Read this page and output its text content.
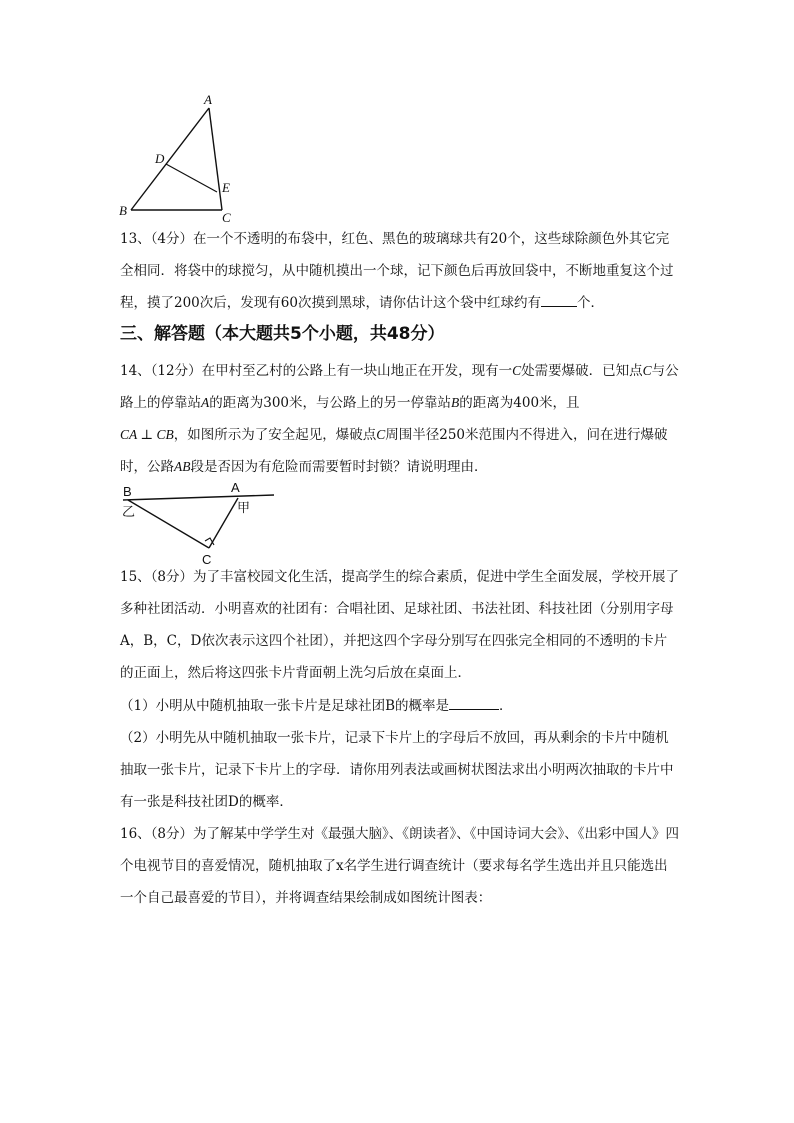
A
D
E
B	C
13、（4分）在一个不透明的布袋中，红色、黑色的玻璃球共有20个，这些球除颜色外其它完全相同．将袋中的球搅匀，从中随机摸出一个球，记下颜色后再放回袋中，不断地重复这个过程，摸了200次后，发现有60次摸到黑球，请你估计这个袋中红球约有	个．
三、解答题（本大题共5个小题，共48分）
14、（12分）在甲村至乙村的公路上有一块山地正在开发，现有一C处需要爆破．已知点C与公路上的停靠站A的距离为300米，与公路上的另一停靠站B的距离为400米，且
CA ⊥ CB，如图所示为了安全起见，爆破点C周围半径250米范围内不得进入，问在进行爆破时，公路AB段是否因为有危险而需要暂时封锁？请说明理由．
B
乙
A
甲
C
15、（8分）为了丰富校园文化生活，提高学生的综合素质，促进中学生全面发展，学校开展了多种社团活动．小明喜欢的社团有：合唱社团、足球社团、书法社团、科技社团（分别用字母A，B，C，D依次表示这四个社团），并把这四个字母分别写在四张完全相同的不透明的卡片的正面上，然后将这四张卡片背面朝上洗匀后放在桌面上．
（1）小明从中随机抽取一张卡片是足球社团B的概率是	．
（2）小明先从中随机抽取一张卡片，记录下卡片上的字母后不放回，再从剩余的卡片中随机抽取一张卡片，记录下卡片上的字母．请你用列表法或画树状图法求出小明两次抽取的卡片中有一张是科技社团D的概率．
16、（8分）为了解某中学学生对《最强大脑》、《朗读者》、《中国诗词大会》、《出彩中国人》四个电视节目的喜爱情况，随机抽取了x名学生进行调查统计（要求每名学生选出并且只能选出一个自己最喜爱的节目），并将调查结果绘制成如图统计图表：
